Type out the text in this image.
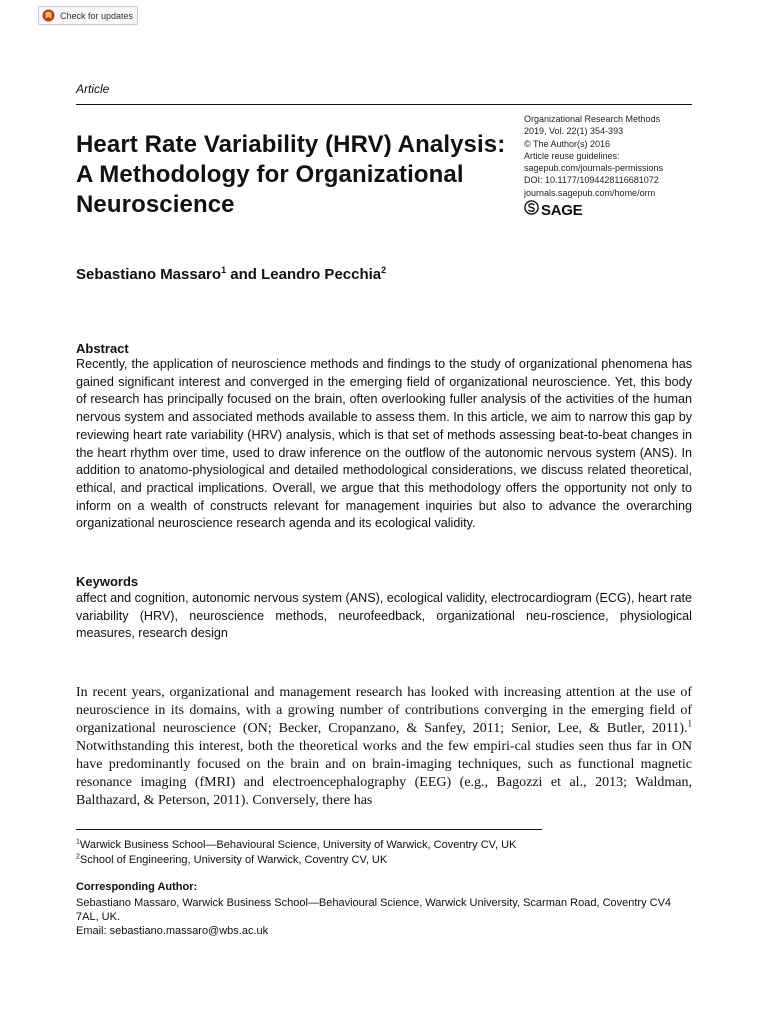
Check for updates
Article
Heart Rate Variability (HRV) Analysis: A Methodology for Organizational Neuroscience
Organizational Research Methods
2019, Vol. 22(1) 354-393
© The Author(s) 2016
Article reuse guidelines:
sagepub.com/journals-permissions
DOI: 10.1177/1094428116681072
journals.sagepub.com/home/orm
SAGE
Sebastiano Massaro$^1$ and Leandro Pecchia$^2$
Abstract

Recently, the application of neuroscience methods and findings to the study of organizational phenomena has gained significant interest and converged in the emerging field of organizational neuroscience. Yet, this body of research has principally focused on the brain, often overlooking fuller analysis of the activities of the human nervous system and associated methods available to assess them. In this article, we aim to narrow this gap by reviewing heart rate variability (HRV) analysis, which is that set of methods assessing beat-to-beat changes in the heart rhythm over time, used to draw inference on the outflow of the autonomic nervous system (ANS). In addition to anatomo-physiological and detailed methodological considerations, we discuss related theoretical, ethical, and practical implications. Overall, we argue that this methodology offers the opportunity not only to inform on a wealth of constructs relevant for management inquiries but also to advance the overarching organizational neuroscience research agenda and its ecological validity.

Keywords

affect and cognition, autonomic nervous system (ANS), ecological validity, electrocardiogram (ECG), heart rate variability (HRV), neuroscience methods, neurofeedback, organizational neu-roscience, physiological measures, research design

In recent years, organizational and management research has looked with increasing attention at the use of neuroscience in its domains, with a growing number of contributions converging in the emerging field of organizational neuroscience (ON; Becker, Cropanzano, & Sanfey, 2011; Senior, Lee, & Butler, 2011).$^1$ Notwithstanding this interest, both the theoretical works and the few empiri-cal studies seen thus far in ON have predominantly focused on the brain and on brain-imaging techniques, such as functional magnetic resonance imaging (fMRI) and electroencephalography (EEG) (e.g., Bagozzi et al., 2013; Waldman, Balthazard, & Peterson, 2011). Conversely, there has

$^1$Warwick Business School—Behavioural Science, University of Warwick, Coventry CV, UK
$^2$School of Engineering, University of Warwick, Coventry CV, UK
Corresponding Author:
Sebastiano Massaro, Warwick Business School—Behavioural Science, Warwick University, Scarman Road, Coventry CV4 7AL, UK.
Email: sebastiano.massaro@wbs.ac.uk
